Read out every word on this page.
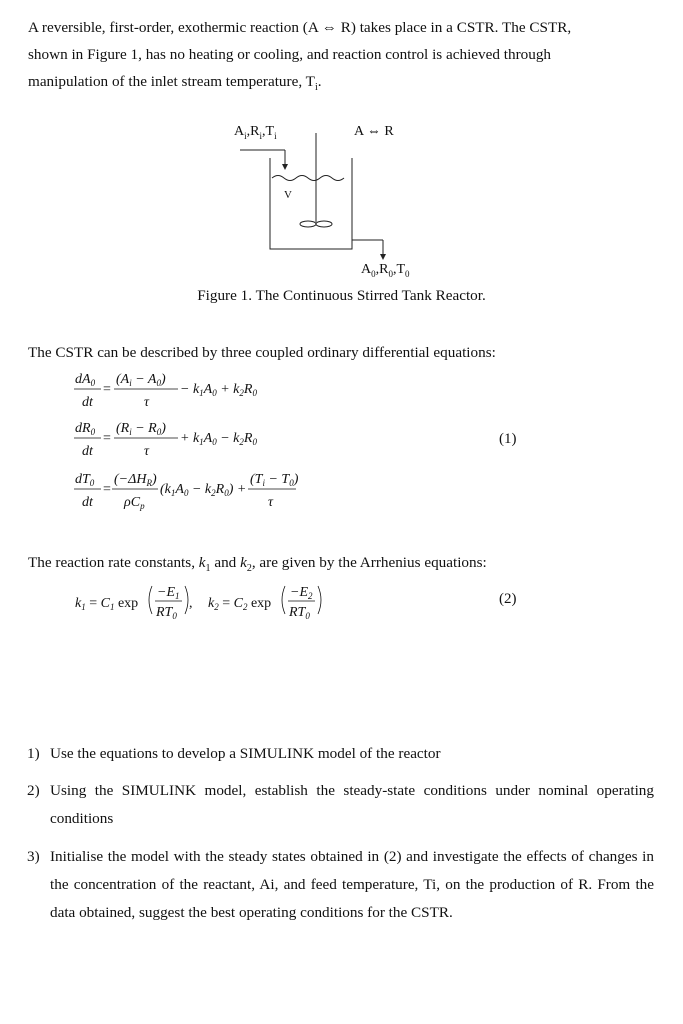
A reversible, first-order, exothermic reaction (A ⇔ R) takes place in a CSTR. The CSTR,
shown in Figure 1, has no heating or cooling, and reaction control is achieved through
manipulation of the inlet stream temperature, $T_i$.
$A_i,R_i,T_i$	A ⇔ R
V
$A_0,R_0,T_0$
Figure 1. The Continuous Stirred Tank Reactor.
The CSTR can be described by three coupled ordinary differential equations:
$dA_0$
dt
=
$(A_i - A_0)$
τ
− $k_1A_0 + k_2R_0$
$dR_0$
dt
=
$(R_i - R_0)$
τ
+ $k_1A_0 - k_2R_0$
$dT_0$
dt
=
$(-\Delta H_R)$
$\rho C_p$
$(k_1A_0 - k_2R_0)$ +
$(T_i - T_0)$
τ
(1)
The reaction rate constants, $k_1$ and $k_2$, are given by the Arrhenius equations:
$k_1 = C_1$ exp
$-E_1$
$RT_0$
, $k_2 = C_2$ exp
$-E_2$
$RT_0$
(2)
1) Use the equations to develop a SIMULINK model of the reactor
2) Using the SIMULINK model, establish the steady-state conditions under nominal operating conditions
3) Initialise the model with the steady states obtained in (2) and investigate the effects of changes in the concentration of the reactant, Ai, and feed temperature, Ti, on the production of R. From the data obtained, suggest the best operating conditions for the CSTR.
